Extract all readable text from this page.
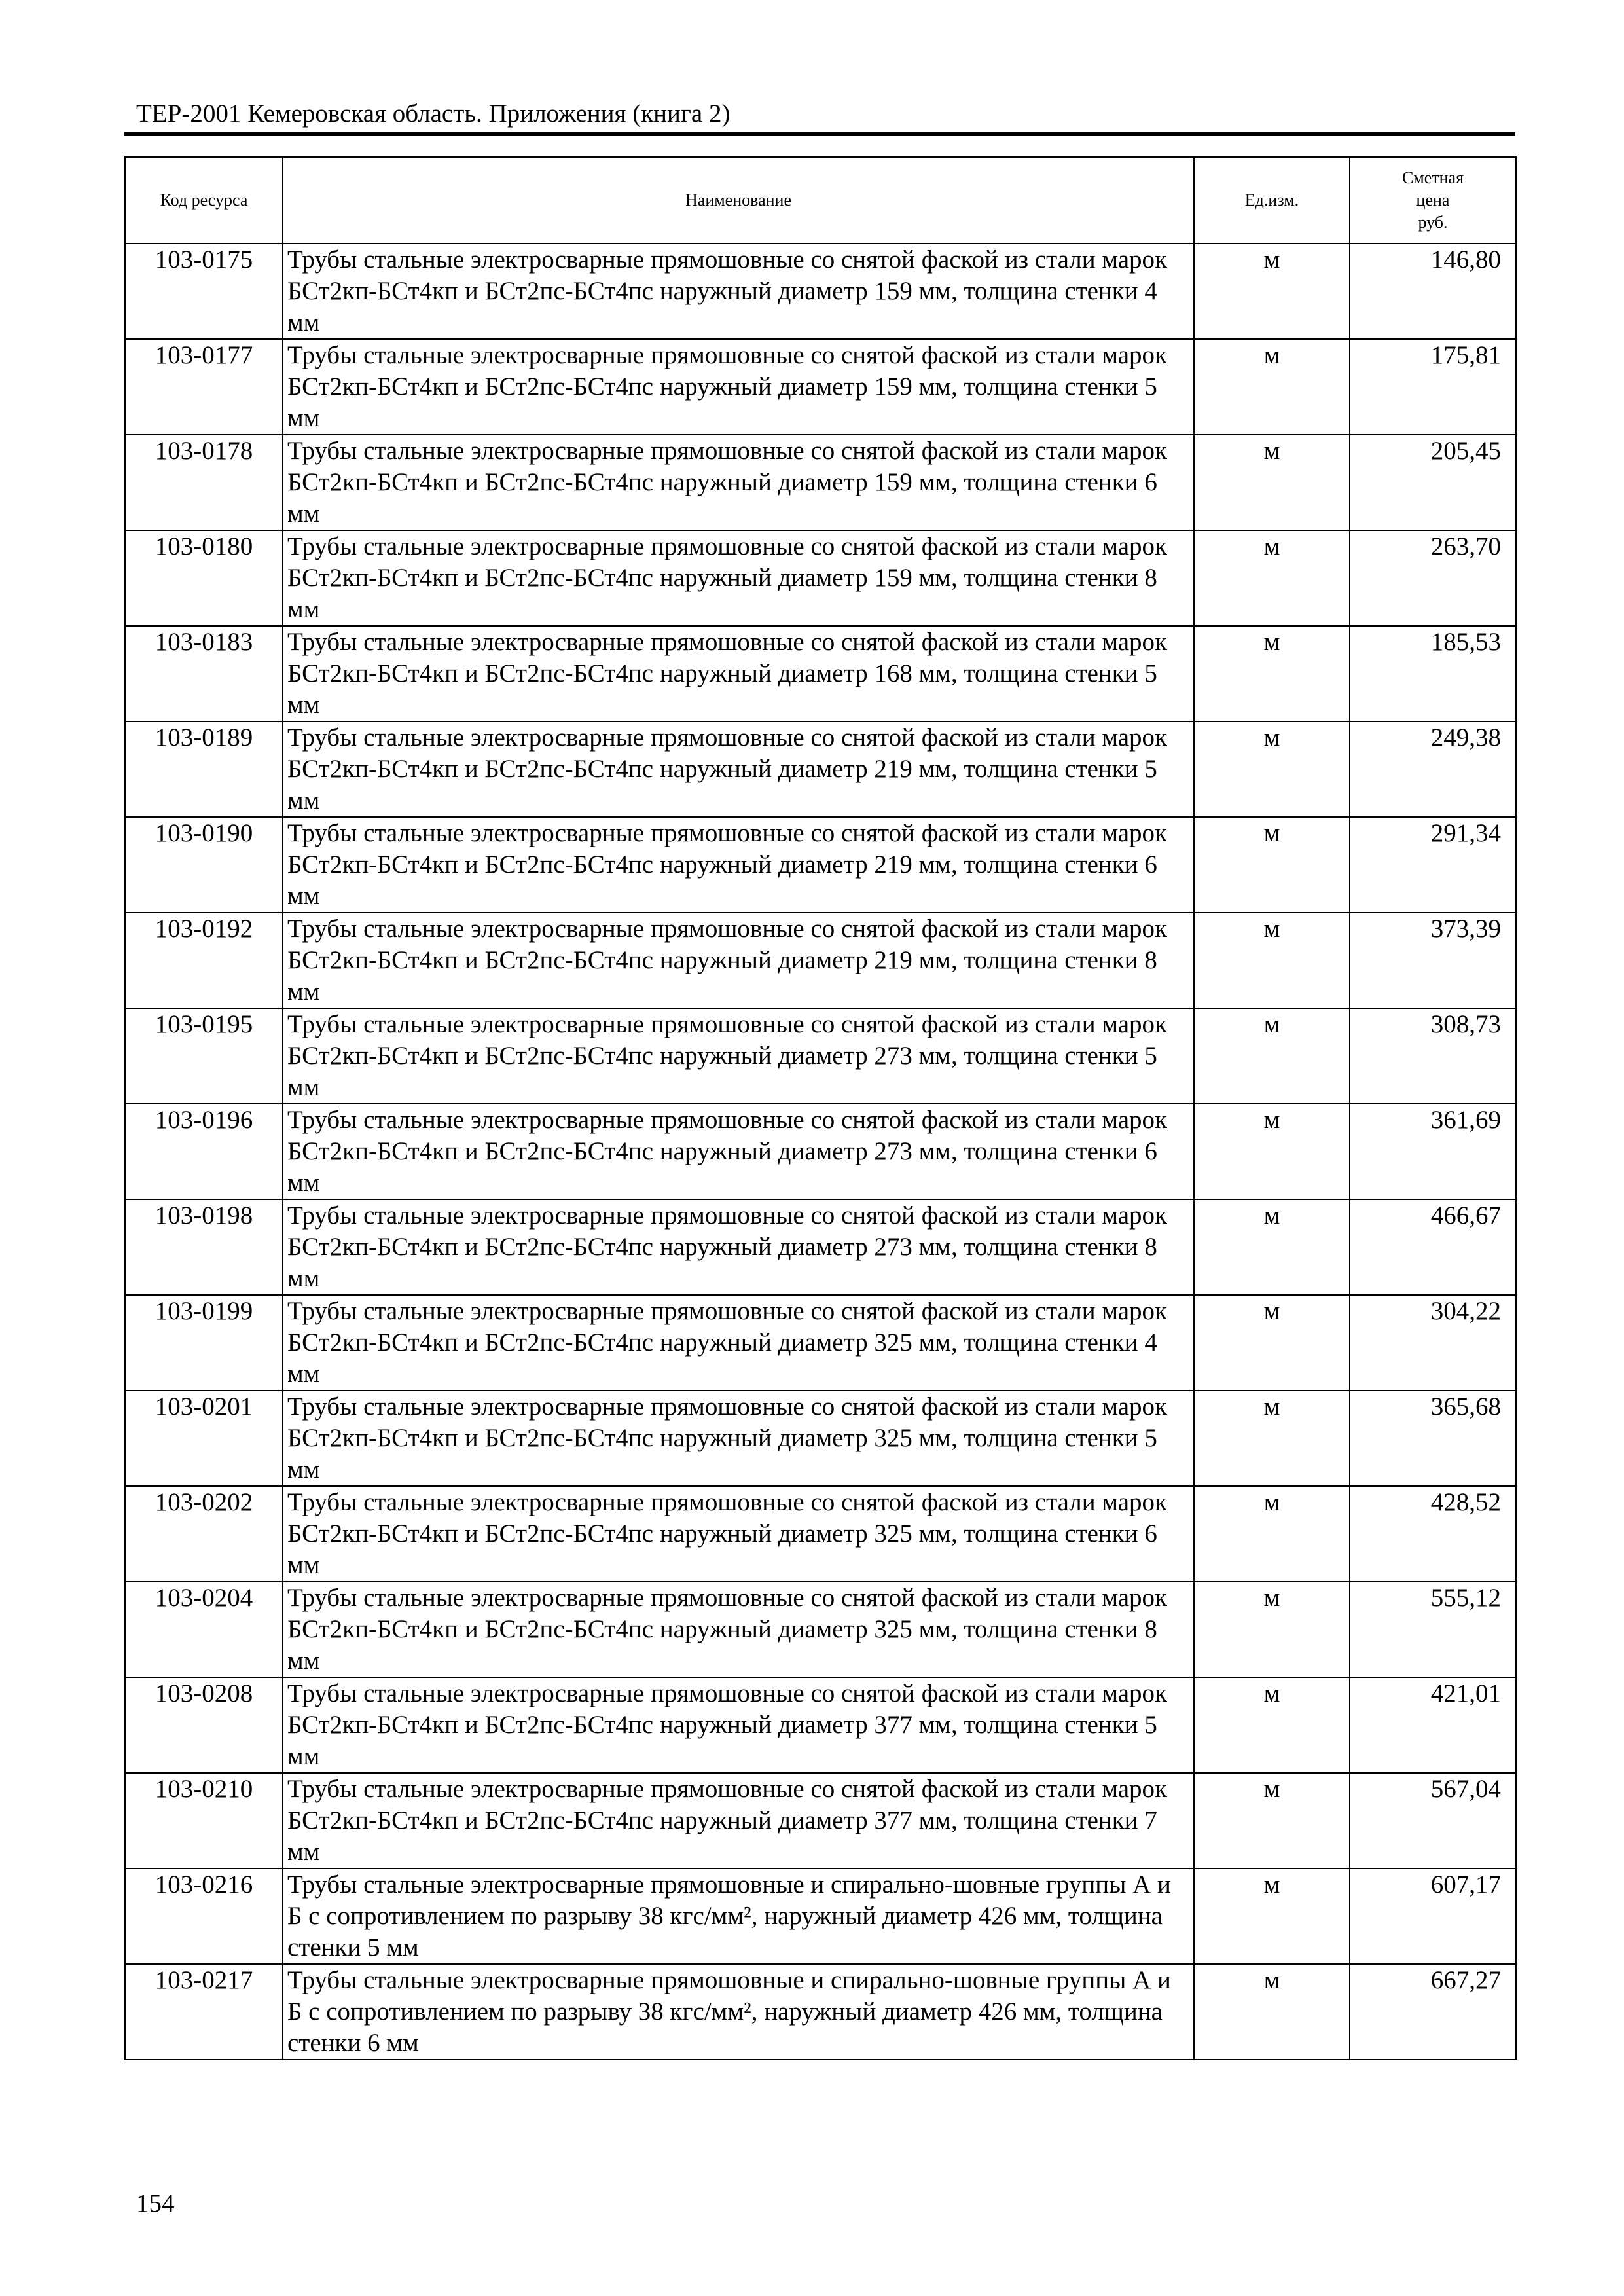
ТЕР-2001 Кемеровская область. Приложения (книга 2)
Код ресурса	Наименование	Ед.изм.	Сметная
цена
руб.
103-0175	Трубы стальные электросварные прямошовные со снятой фаской из стали марок БСт2кп-БСт4кп и БСт2пс-БСт4пс наружный диаметр 159 мм, толщина стенки 4 мм	м	146,80
103-0177	Трубы стальные электросварные прямошовные со снятой фаской из стали марок БСт2кп-БСт4кп и БСт2пс-БСт4пс наружный диаметр 159 мм, толщина стенки 5 мм	м	175,81
103-0178	Трубы стальные электросварные прямошовные со снятой фаской из стали марок БСт2кп-БСт4кп и БСт2пс-БСт4пс наружный диаметр 159 мм, толщина стенки 6 мм	м	205,45
103-0180	Трубы стальные электросварные прямошовные со снятой фаской из стали марок БСт2кп-БСт4кп и БСт2пс-БСт4пс наружный диаметр 159 мм, толщина стенки 8 мм	м	263,70
103-0183	Трубы стальные электросварные прямошовные со снятой фаской из стали марок БСт2кп-БСт4кп и БСт2пс-БСт4пс наружный диаметр 168 мм, толщина стенки 5 мм	м	185,53
103-0189	Трубы стальные электросварные прямошовные со снятой фаской из стали марок БСт2кп-БСт4кп и БСт2пс-БСт4пс наружный диаметр 219 мм, толщина стенки 5 мм	м	249,38
103-0190	Трубы стальные электросварные прямошовные со снятой фаской из стали марок БСт2кп-БСт4кп и БСт2пс-БСт4пс наружный диаметр 219 мм, толщина стенки 6 мм	м	291,34
103-0192	Трубы стальные электросварные прямошовные со снятой фаской из стали марок БСт2кп-БСт4кп и БСт2пс-БСт4пс наружный диаметр 219 мм, толщина стенки 8 мм	м	373,39
103-0195	Трубы стальные электросварные прямошовные со снятой фаской из стали марок БСт2кп-БСт4кп и БСт2пс-БСт4пс наружный диаметр 273 мм, толщина стенки 5 мм	м	308,73
103-0196	Трубы стальные электросварные прямошовные со снятой фаской из стали марок БСт2кп-БСт4кп и БСт2пс-БСт4пс наружный диаметр 273 мм, толщина стенки 6 мм	м	361,69
103-0198	Трубы стальные электросварные прямошовные со снятой фаской из стали марок БСт2кп-БСт4кп и БСт2пс-БСт4пс наружный диаметр 273 мм, толщина стенки 8 мм	м	466,67
103-0199	Трубы стальные электросварные прямошовные со снятой фаской из стали марок БСт2кп-БСт4кп и БСт2пс-БСт4пс наружный диаметр 325 мм, толщина стенки 4 мм	м	304,22
103-0201	Трубы стальные электросварные прямошовные со снятой фаской из стали марок БСт2кп-БСт4кп и БСт2пс-БСт4пс наружный диаметр 325 мм, толщина стенки 5 мм	м	365,68
103-0202	Трубы стальные электросварные прямошовные со снятой фаской из стали марок БСт2кп-БСт4кп и БСт2пс-БСт4пс наружный диаметр 325 мм, толщина стенки 6 мм	м	428,52
103-0204	Трубы стальные электросварные прямошовные со снятой фаской из стали марок БСт2кп-БСт4кп и БСт2пс-БСт4пс наружный диаметр 325 мм, толщина стенки 8 мм	м	555,12
103-0208	Трубы стальные электросварные прямошовные со снятой фаской из стали марок БСт2кп-БСт4кп и БСт2пс-БСт4пс наружный диаметр 377 мм, толщина стенки 5 мм	м	421,01
103-0210	Трубы стальные электросварные прямошовные со снятой фаской из стали марок БСт2кп-БСт4кп и БСт2пс-БСт4пс наружный диаметр 377 мм, толщина стенки 7 мм	м	567,04
103-0216	Трубы стальные электросварные прямошовные и спирально-шовные группы А и Б с сопротивлением по разрыву 38 кгс/мм², наружный диаметр 426 мм, толщина стенки 5 мм	м	607,17
103-0217	Трубы стальные электросварные прямошовные и спирально-шовные группы А и Б с сопротивлением по разрыву 38 кгс/мм², наружный диаметр 426 мм, толщина стенки 6 мм	м	667,27
154
